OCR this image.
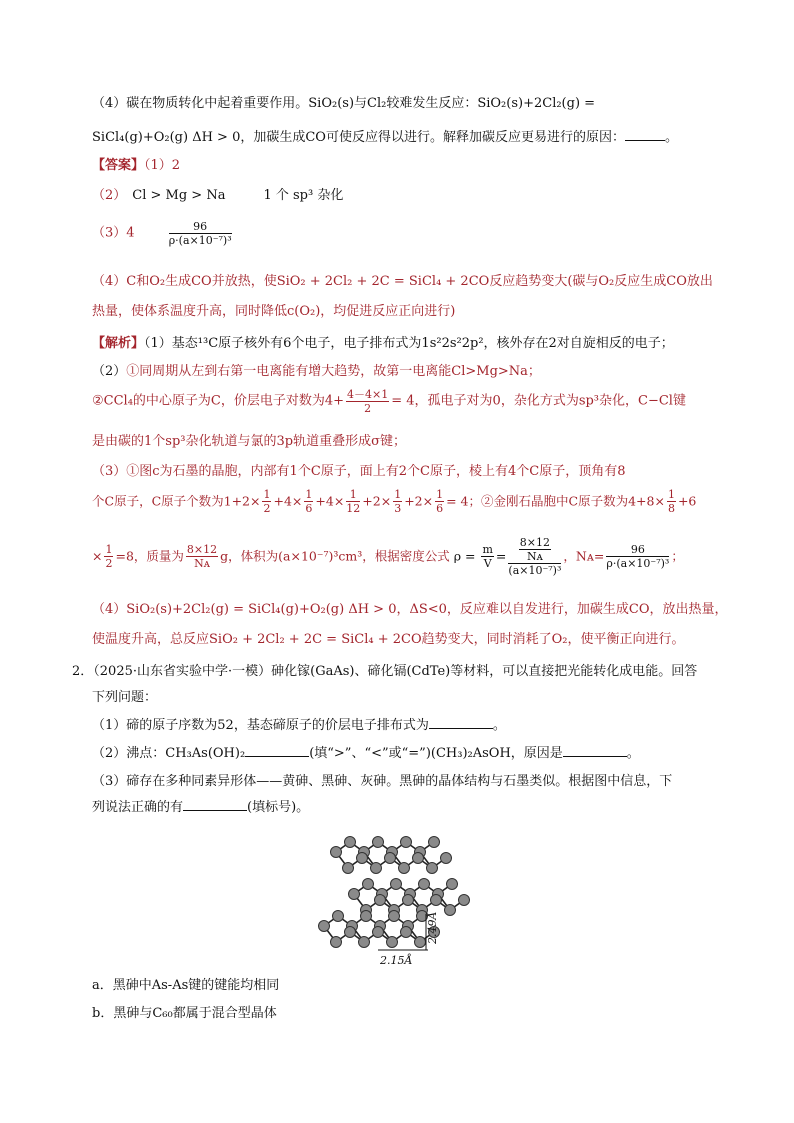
（4）碳在物质转化中起着重要作用。SiO₂(s)与Cl₂较难发生反应：SiO₂(s)+2Cl₂(g) =
SiCl₄(g)+O₂(g) ΔH > 0，加碳生成CO可使反应得以进行。解释加碳反应更易进行的原因：	。
【答案】（1）2
（2） Cl > Mg > Na	1 个 sp³ 杂化
（3）4	$\frac{96}{\text{ρ·(a×10⁻⁷)³}}$
（4）C和O₂生成CO并放热，使SiO₂ + 2Cl₂ + 2C = SiCl₄ + 2CO反应趋势变大(碳与O₂反应生成CO放出
热量，使体系温度升高，同时降低c(O₂)，均促进反应正向进行)
【解析】（1）基态¹³C原子核外有6个电子，电子排布式为1s²2s²2p²，核外存在2对自旋相反的电子；
（2）①同周期从左到右第一电离能有增大趋势，故第一电离能Cl>Mg>Na；
②CCl₄的中心原子为C，价层电子对数为$4+ \frac{4-4\times 1}{2} = 4$，孤电子对为0，杂化方式为sp³杂化，C−Cl键
是由碳的1个sp³杂化轨道与氯的3p轨道重叠形成σ键；
（3）①图c为石墨的晶胞，内部有1个C原子，面上有2个C原子，棱上有4个C原子，顶角有8
个C原子，C原子个数为$1+2\times \frac{1}{2} +4\times \frac{1}{6} +4\times \frac{1}{12} +2\times \frac{1}{3} +2\times \frac{1}{6} = 4$；②金刚石晶胞中C原子数为$4+8\times \frac{1}{8} +6$
× $\frac{1}{2} =8$，质量为 $\frac{8\times 12}{\text{Nᴀ}}$ g，体积为(a×10⁻⁷)³cm³，根据密度公式 $\rho = \frac{m}{V} = \frac{\frac{8\times 12}{\text{Nᴀ}}}{\text{(a×10⁻⁷)³}}$ ，Nᴀ= $\frac{96}{\text{ρ·(a×10⁻⁷)³}}$ ；
（4）SiO₂(s)+2Cl₂(g) = SiCl₄(g)+O₂(g) ΔH > 0，ΔS<0，反应难以自发进行，加碳生成CO，放出热量，
使温度升高，总反应SiO₂ + 2Cl₂ + 2C = SiCl₄ + 2CO趋势变大，同时消耗了O₂，使平衡正向进行。
2．（2025·山东省实验中学·一模）砷化镓(GaAs)、碲化镉(CdTe)等材料，可以直接把光能转化成电能。回答
下列问题：
（1）碲的原子序数为52，基态碲原子的价层电子排布式为	。
（2）沸点：CH₃As(OH)₂	(填“>”、“<”或“=”)(CH₃)₂AsOH，原因是	。
（3）碲存在多种同素异形体——黄砷、黑砷、灰砷。黑砷的晶体结构与石墨类似。根据图中信息，下
列说法正确的有	(填标号)。
2.15Å
2.49Å
a．黑砷中As-As键的键能均相同
b．黑砷与C₆₀都属于混合型晶体
